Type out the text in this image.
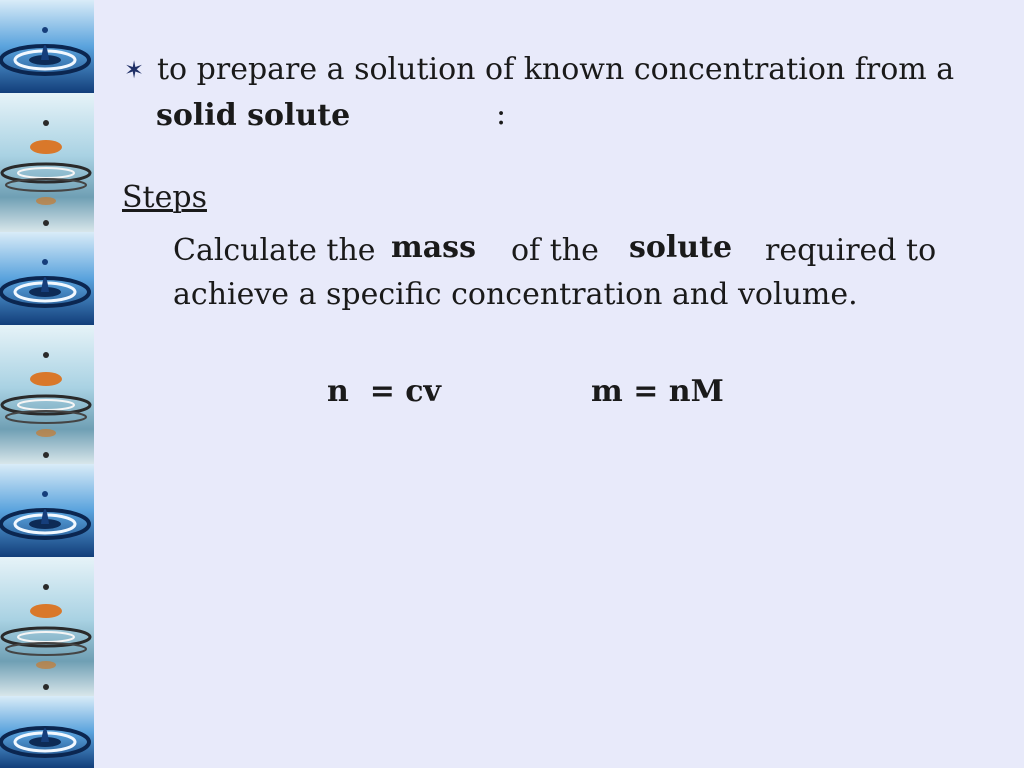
✶ to prepare a solution of known concentration from a
solid solute	:
Steps
Calculate the mass of the solute required to
achieve a specific concentration and volume.
n  = cv	m = nM
